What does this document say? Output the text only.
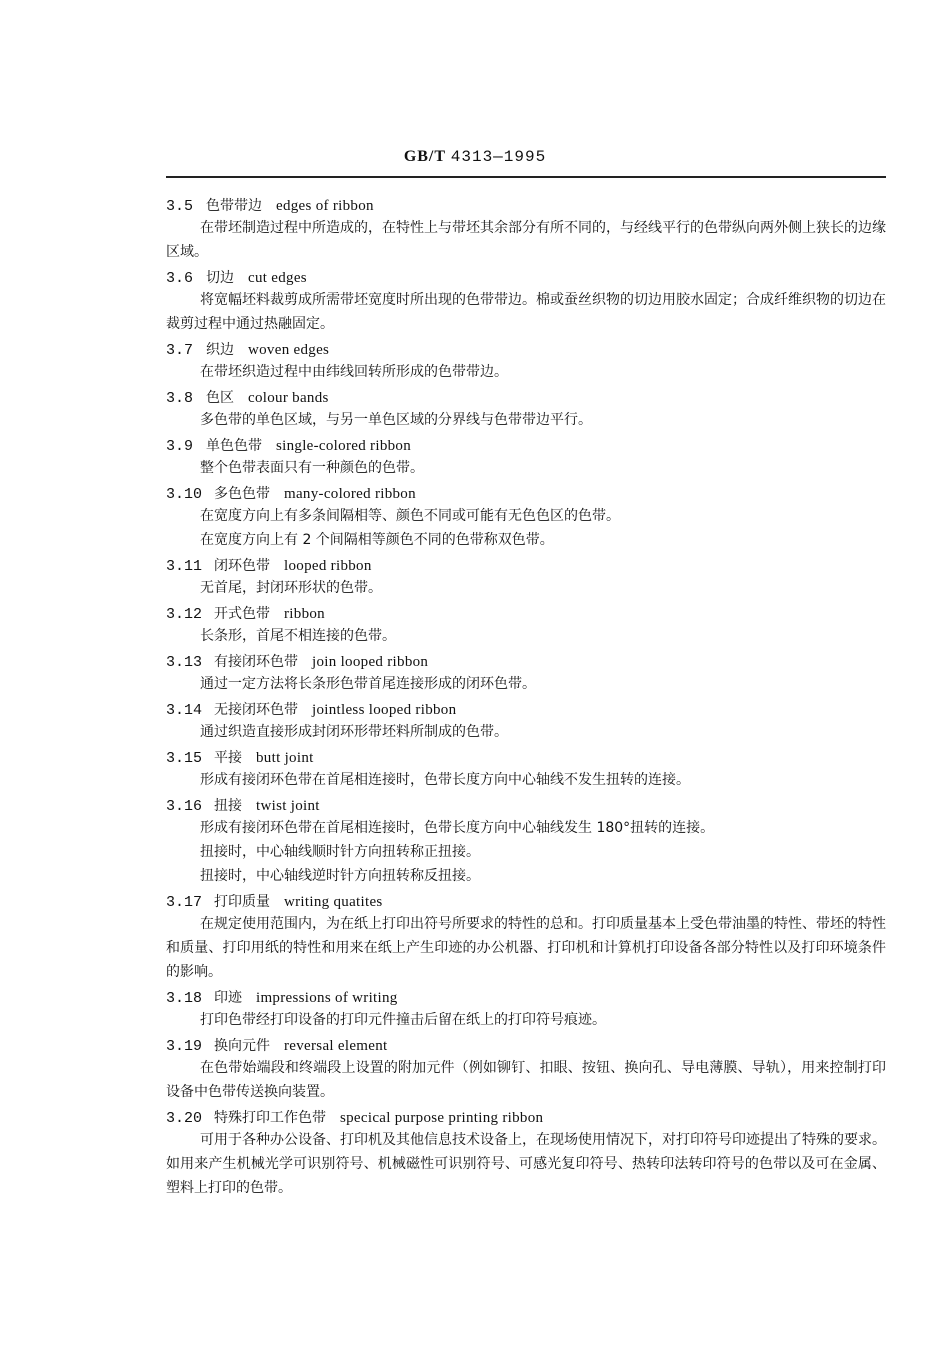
GB/T 4313—1995
3.5 色带带边 edges of ribbon

在带坯制造过程中所造成的，在特性上与带坯其余部分有所不同的，与经线平行的色带纵向两外侧上狭长的边缘区域。

3.6 切边 cut edges

将宽幅坯料裁剪成所需带坯宽度时所出现的色带带边。棉或蚕丝织物的切边用胶水固定；合成纤维织物的切边在裁剪过程中通过热融固定。

3.7 织边 woven edges

在带坯织造过程中由纬线回转所形成的色带带边。

3.8 色区 colour bands

多色带的单色区域，与另一单色区域的分界线与色带带边平行。

3.9 单色色带 single-colored ribbon

整个色带表面只有一种颜色的色带。

3.10 多色色带 many-colored ribbon

在宽度方向上有多条间隔相等、颜色不同或可能有无色色区的色带。

在宽度方向上有 2 个间隔相等颜色不同的色带称双色带。

3.11 闭环色带 looped ribbon

无首尾，封闭环形状的色带。

3.12 开式色带 ribbon

长条形，首尾不相连接的色带。

3.13 有接闭环色带 join looped ribbon

通过一定方法将长条形色带首尾连接形成的闭环色带。

3.14 无接闭环色带 jointless looped ribbon

通过织造直接形成封闭环形带坯料所制成的色带。

3.15 平接 butt joint

形成有接闭环色带在首尾相连接时，色带长度方向中心轴线不发生扭转的连接。

3.16 扭接 twist joint

形成有接闭环色带在首尾相连接时，色带长度方向中心轴线发生 180°扭转的连接。

扭接时，中心轴线顺时针方向扭转称正扭接。

扭接时，中心轴线逆时针方向扭转称反扭接。

3.17 打印质量 writing quatites

在规定使用范围内，为在纸上打印出符号所要求的特性的总和。打印质量基本上受色带油墨的特性、带坯的特性和质量、打印用纸的特性和用来在纸上产生印迹的办公机器、打印机和计算机打印设备各部分特性以及打印环境条件的影响。

3.18 印迹 impressions of writing

打印色带经打印设备的打印元件撞击后留在纸上的打印符号痕迹。

3.19 换向元件 reversal element

在色带始端段和终端段上设置的附加元件（例如铆钉、扣眼、按钮、换向孔、导电薄膜、导轨），用来控制打印设备中色带传送换向装置。

3.20 特殊打印工作色带 specical purpose printing ribbon

可用于各种办公设备、打印机及其他信息技术设备上，在现场使用情况下，对打印符号印迹提出了特殊的要求。如用来产生机械光学可识别符号、机械磁性可识别符号、可感光复印符号、热转印法转印符号的色带以及可在金属、塑料上打印的色带。
